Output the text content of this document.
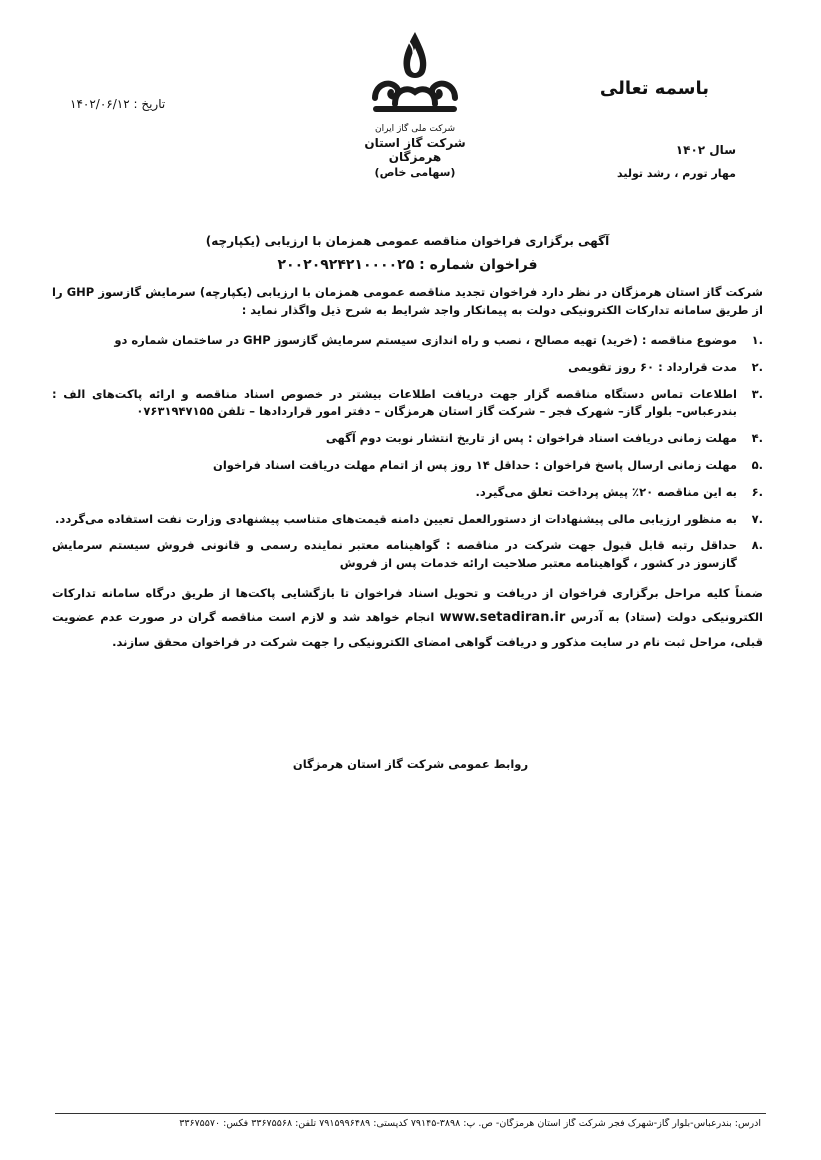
باسمه تعالی
سال ۱۴۰۲
مهار تورم ، رشد تولید
تاریخ : ۱۴۰۲/۰۶/۱۲
شرکت ملی گاز ایران
شرکت گاز استان هرمزگان
(سهامی خاص)
آگهی برگزاری فراخوان مناقصه عمومی همزمان با ارزیابی (یکپارچه)
فراخوان شماره : ۲۰۰۲۰۹۲۴۲۱۰۰۰۰۲۵

شرکت گاز استان هرمزگان در نظر دارد فراخوان تجدید مناقصه عمومی همزمان با ارزیابی (یکپارچه) سرمایش گازسوز GHP را از طریق سامانه تدارکات الکترونیکی دولت به پیمانکار واجد شرایط به شرح ذیل واگذار نماید :

.۱
موضوع مناقصه : (خرید) تهیه مصالح ، نصب و راه اندازی سیستم سرمایش گازسوز GHP در ساختمان شماره دو
.۲
مدت قرارداد : ۶۰ روز تقویمی
.۳
اطلاعات تماس دستگاه مناقصه گزار جهت دریافت اطلاعات بیشتر در خصوص اسناد مناقصه و ارائه پاکت‌های الف : بندرعباس– بلوار گاز– شهرک فجر – شرکت گاز استان هرمزگان – دفتر امور قراردادها – تلفن ۰۷۶۳۱۹۴۷۱۵۵
.۴
مهلت زمانی دریافت اسناد فراخوان : پس از تاریخ انتشار نوبت دوم آگهی
.۵
مهلت زمانی ارسال پاسخ فراخوان : حداقل ۱۴ روز پس از اتمام مهلت دریافت اسناد فراخوان
.۶
به این مناقصه ۲۰٪ پیش پرداخت تعلق می‌گیرد.
.۷
به منظور ارزیابی مالی پیشنهادات از دستورالعمل تعیین دامنه قیمت‌های متناسب پیشنهادی وزارت نفت استفاده می‌گردد.
.۸
حداقل رتبه قابل قبول جهت شرکت در مناقصه : گواهینامه معتبر نماینده رسمی و قانونی فروش سیستم سرمایش گازسوز در کشور ، گواهینامه معتبر صلاحیت ارائه خدمات پس از فروش

ضمناً کلیه مراحل برگزاری فراخوان از دریافت و تحویل اسناد فراخوان تا بازگشایی پاکت‌ها از طریق درگاه سامانه تدارکات الکترونیکی دولت (ستاد) به آدرس www.setadiran.ir انجام خواهد شد و لازم است مناقصه گران در صورت عدم عضویت قبلی، مراحل ثبت نام در سایت مذکور و دریافت گواهی امضای الکترونیکی را جهت شرکت در فراخوان محقق سازند.

روابط عمومی شرکت گاز استان هرمزگان
آدرس: بندرعباس-بلوار گاز-شهرک فجر شرکت گاز استان هرمزگان- ص. پ: ۳۸۹۸-۷۹۱۴۵ کدپستی: ۷۹۱۵۹۹۶۴۸۹ تلفن: ۳۳۶۷۵۵۶۸ فکس: ۳۳۶۷۵۵۷۰
